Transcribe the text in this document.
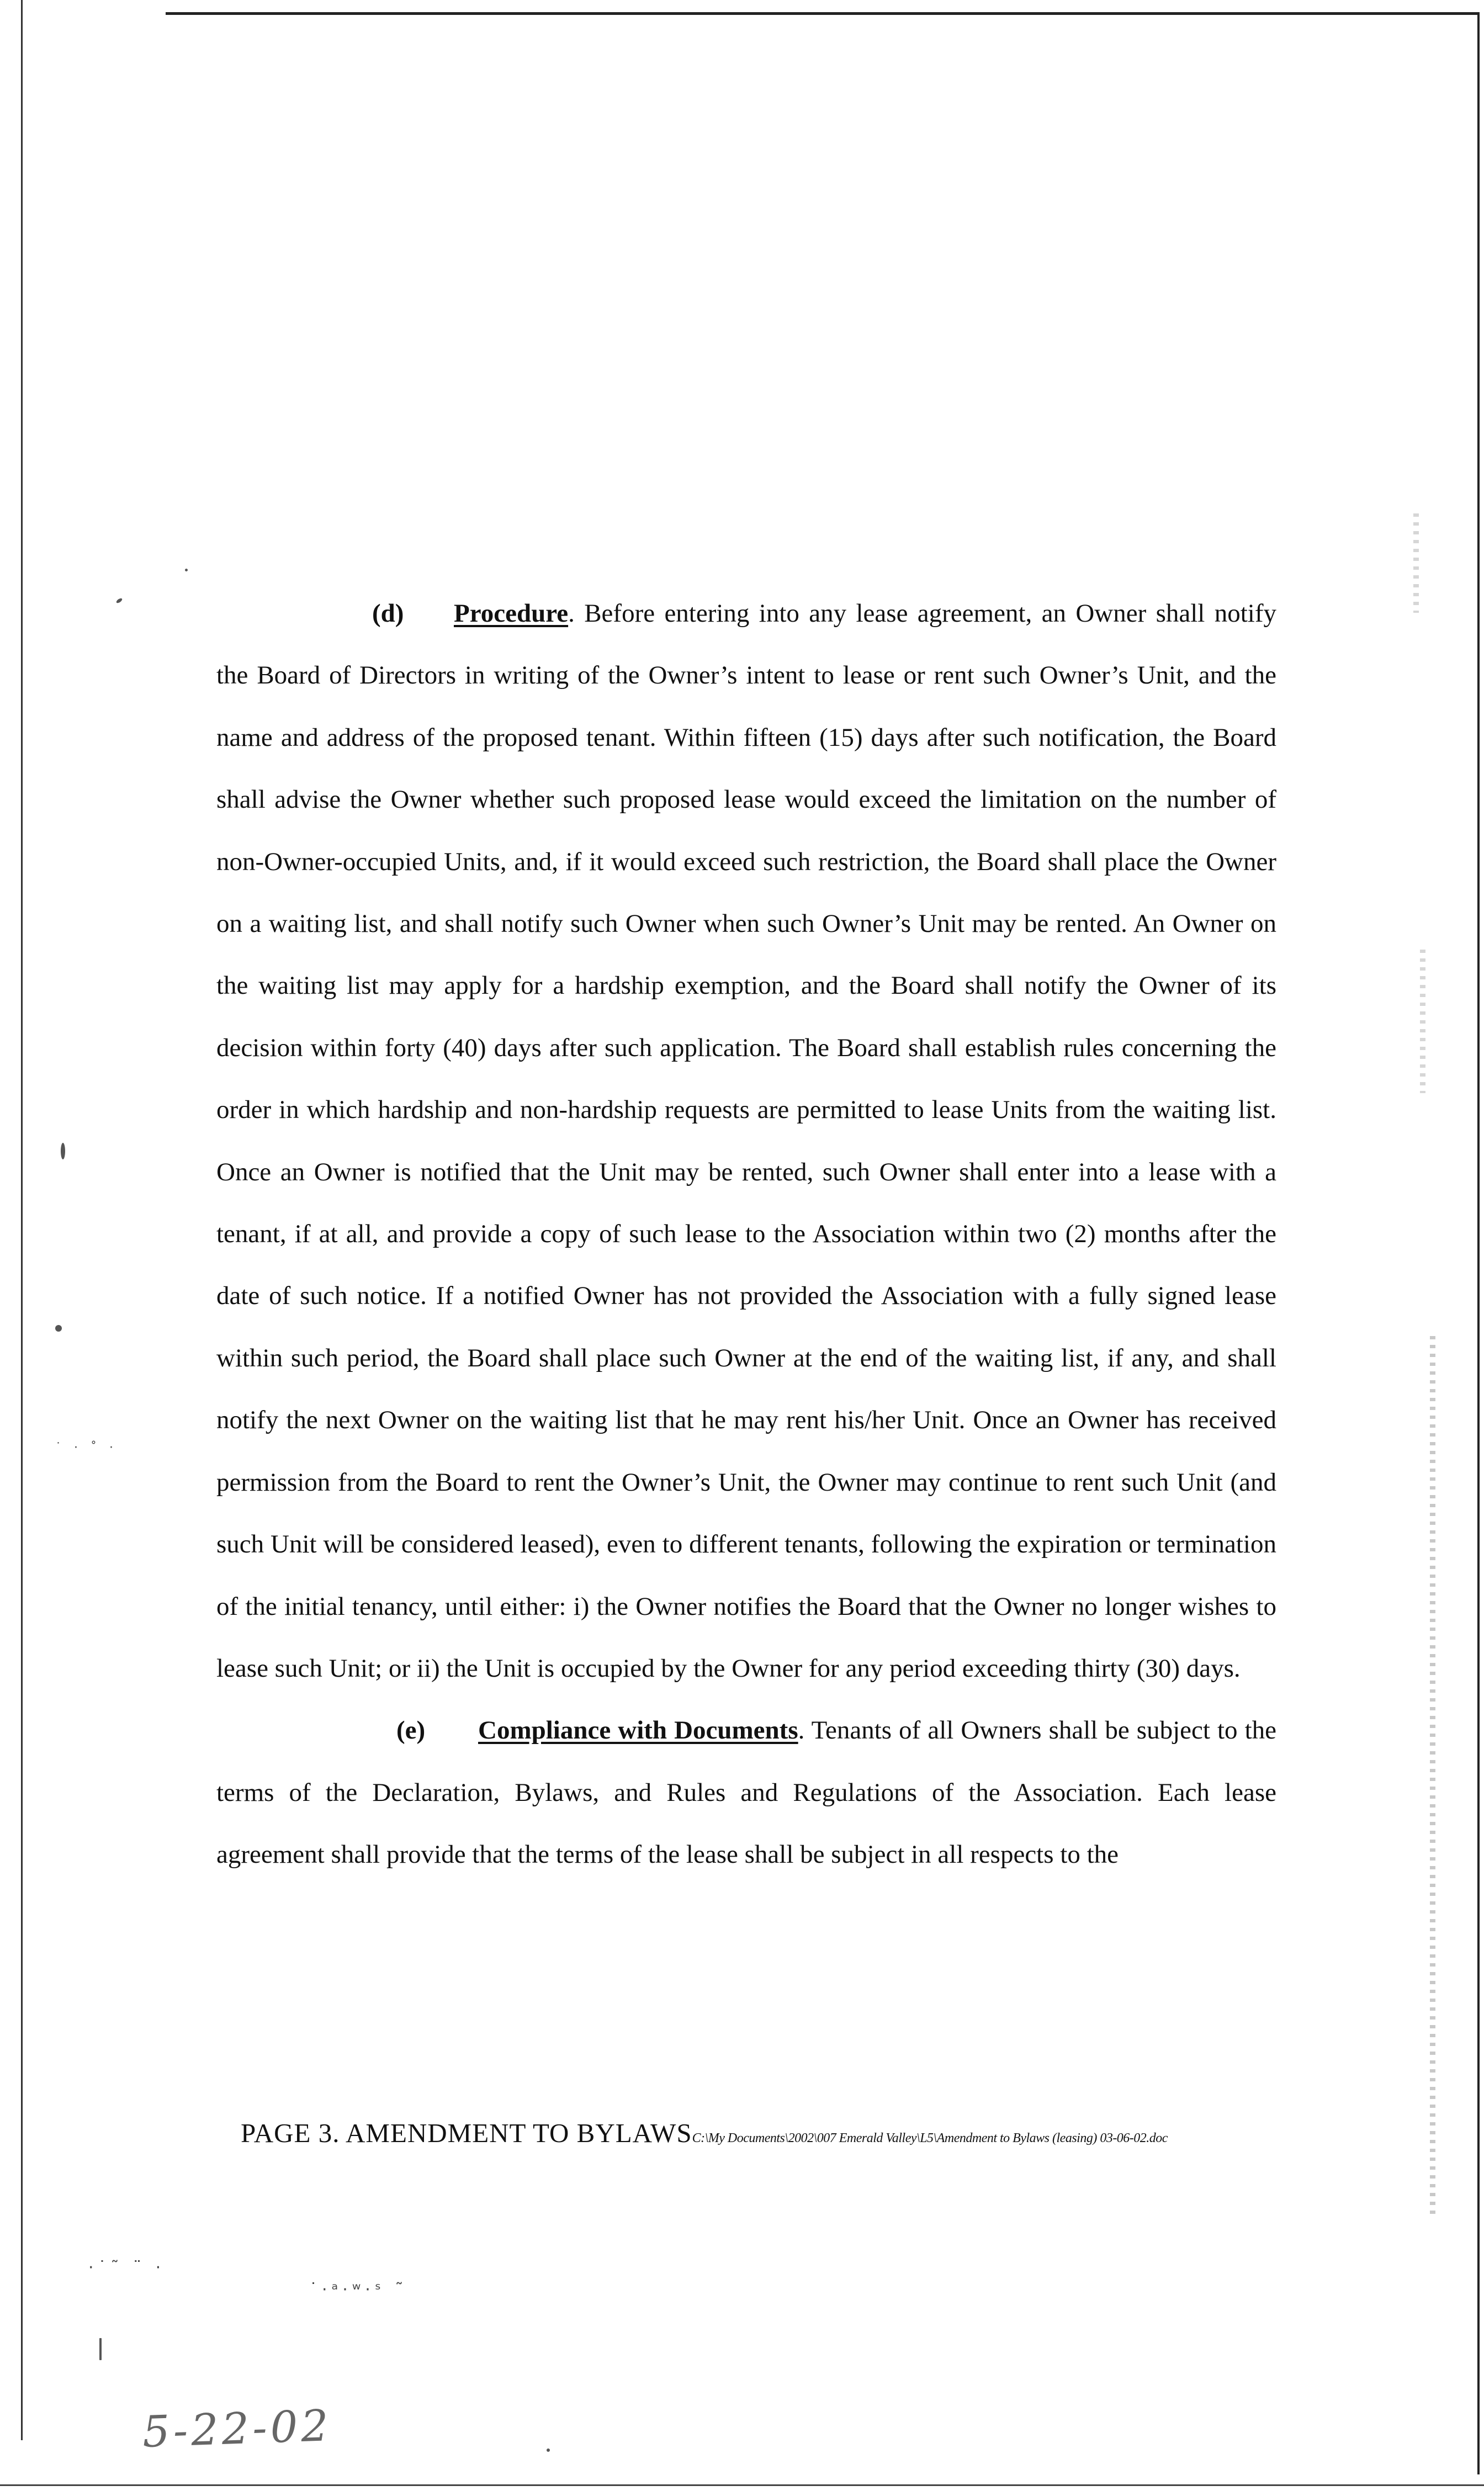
(d) Procedure. Before entering into any lease agreement, an Owner shall notify the Board of Directors in writing of the Owner’s intent to lease or rent such Owner’s Unit, and the name and address of the proposed tenant. Within fifteen (15) days after such notification, the Board shall advise the Owner whether such proposed lease would exceed the limitation on the number of non-Owner-occupied Units, and, if it would exceed such restriction, the Board shall place the Owner on a waiting list, and shall notify such Owner when such Owner’s Unit may be rented. An Owner on the waiting list may apply for a hardship exemption, and the Board shall notify the Owner of its decision within forty (40) days after such application. The Board shall establish rules concerning the order in which hardship and non-hardship requests are permitted to lease Units from the waiting list. Once an Owner is notified that the Unit may be rented, such Owner shall enter into a lease with a tenant, if at all, and provide a copy of such lease to the Association within two (2) months after the date of such notice. If a notified Owner has not provided the Association with a fully signed lease within such period, the Board shall place such Owner at the end of the waiting list, if any, and shall notify the next Owner on the waiting list that he may rent his/her Unit. Once an Owner has received permission from the Board to rent the Owner’s Unit, the Owner may continue to rent such Unit (and such Unit will be considered leased), even to different tenants, following the expiration or termination of the initial tenancy, until either: i) the Owner notifies the Board that the Owner no longer wishes to lease such Unit; or ii) the Unit is occupied by the Owner for any period exceeding thirty (30) days.

(e) Compliance with Documents. Tenants of all Owners shall be subject to the terms of the Declaration, Bylaws, and Rules and Regulations of the Association. Each lease agreement shall provide that the terms of the lease shall be subject in all respects to the

PAGE 3. AMENDMENT TO BYLAWSC:\My Documents\2002\007 Emerald Valley\L5\Amendment to Bylaws (leasing) 03-06-02.doc
5-22-02
·˙˜ ¨ ·
˙·ᵃ·ʷ·ˢ ˜
˙ · ˚ ·
